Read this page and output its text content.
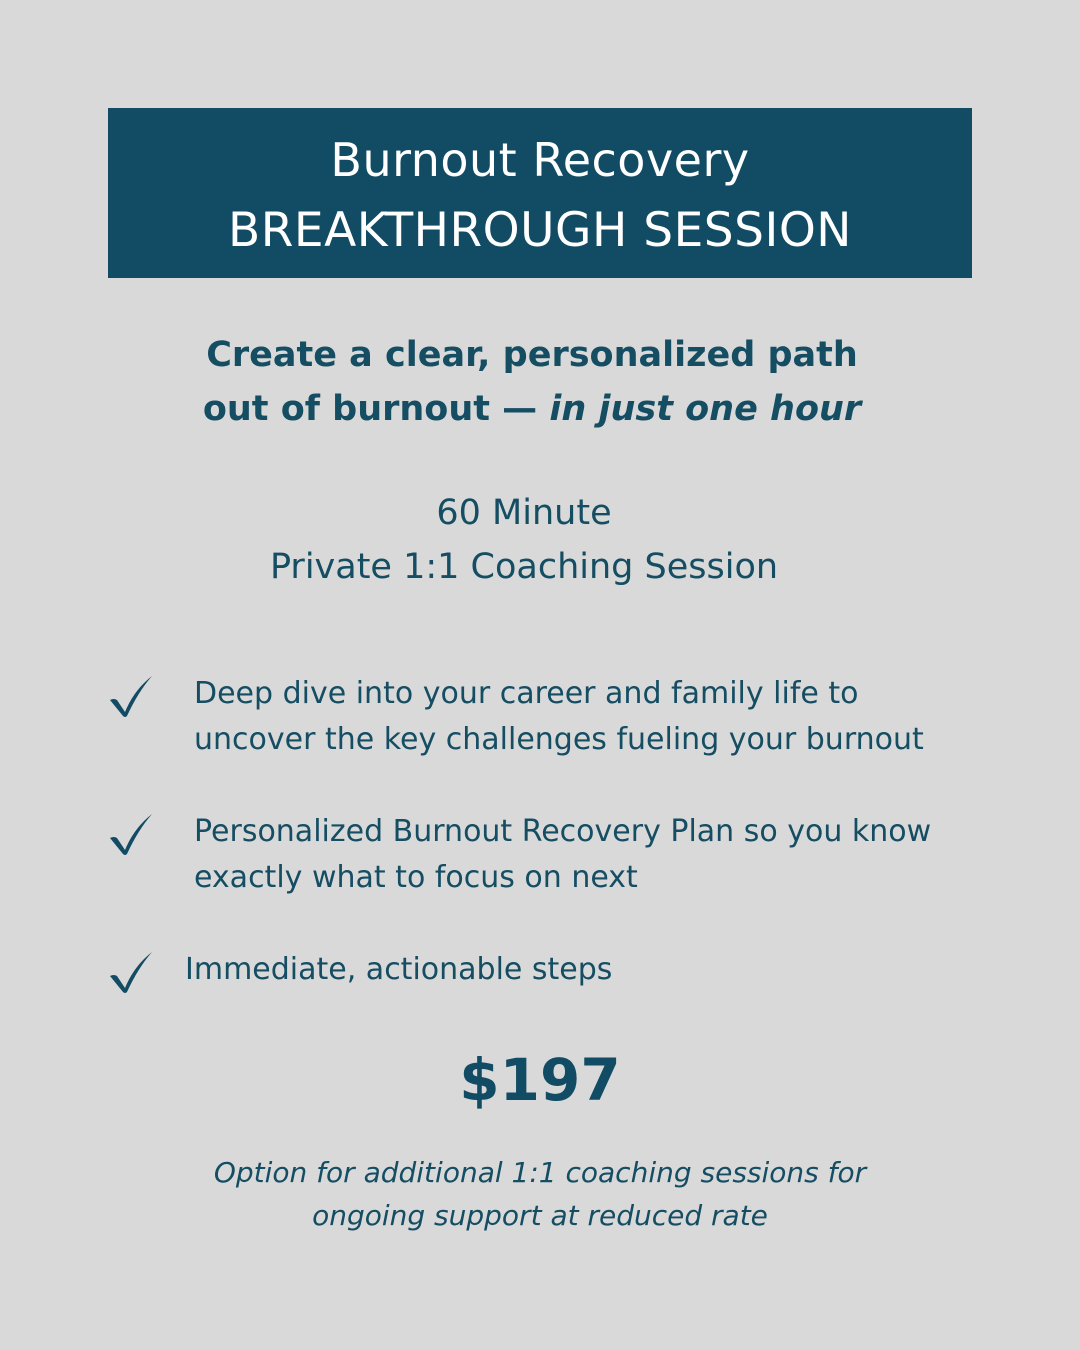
Burnout Recovery
BREAKTHROUGH SESSION
Create a clear, personalized path
out of burnout — in just one hour
60 Minute
Private 1:1 Coaching Session
Deep dive into your career and family life to
uncover the key challenges fueling your burnout
Personalized Burnout Recovery Plan so you know
exactly what to focus on next
Immediate, actionable steps
$197
Option for additional 1:1 coaching sessions for
ongoing support at reduced rate
